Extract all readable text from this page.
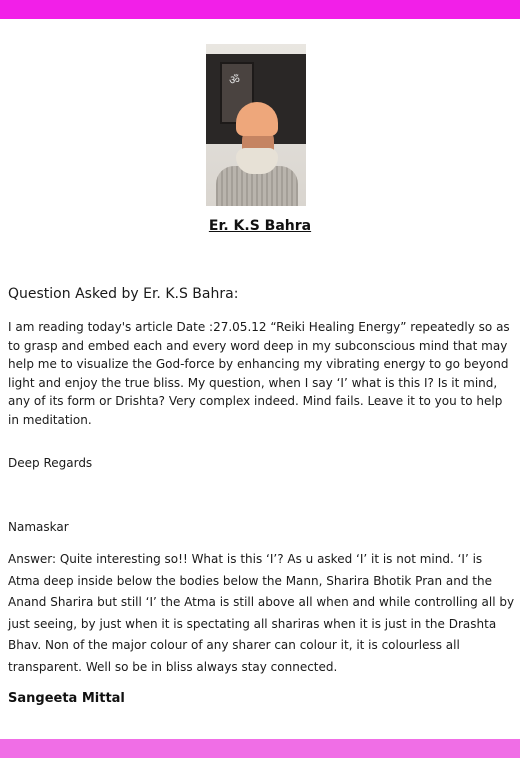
ॐ

Er. K.S Bahra

Question Asked by Er. K.S Bahra:

I am reading today's article Date :27.05.12 “Reiki Healing Energy” repeatedly so as to grasp and embed each and every word deep in my subconscious mind that may help me to visualize the God-force by enhancing my vibrating energy to go beyond light and enjoy the true bliss. My question, when I say ‘I’ what is this I? Is it mind, any of its form or Drishta? Very complex indeed. Mind fails. Leave it to you to help in meditation.

Deep Regards

Namaskar

Answer: Quite interesting so!! What is this ‘I’? As u asked ‘I’ it is not mind. ‘I’ is Atma deep inside below the bodies below the Mann, Sharira Bhotik Pran and the Anand Sharira but still ‘I’ the Atma is still above all when and while controlling all by just seeing, by just when it is spectating all shariras when it is just in the Drashta Bhav. Non of the major colour of any sharer can colour it, it is colourless all transparent. Well so be in bliss always stay connected.

Sangeeta Mittal
